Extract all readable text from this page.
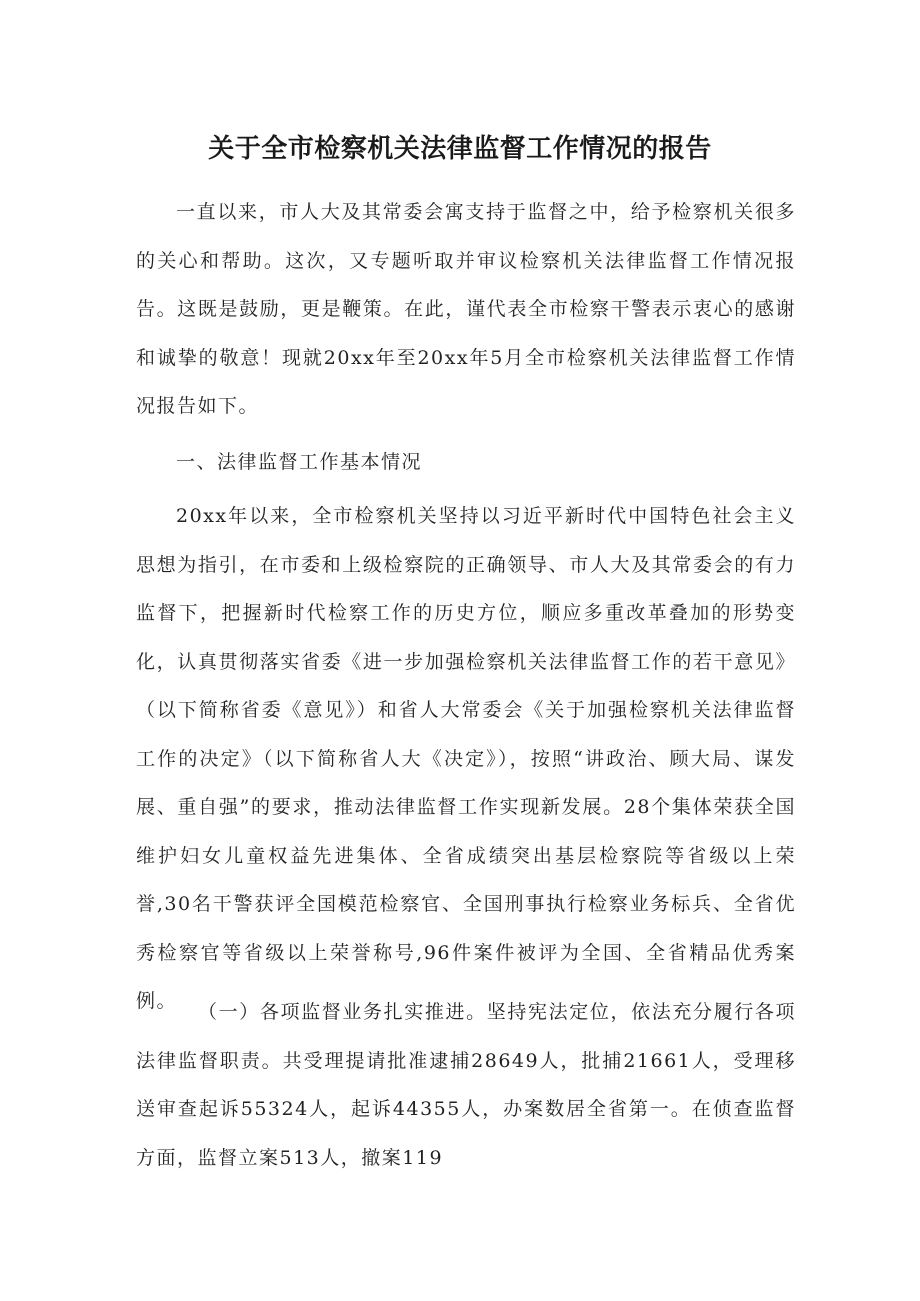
关于全市检察机关法律监督工作情况的报告

一直以来，市人大及其常委会寓支持于监督之中，给予检察机关很多的关心和帮助。这次，又专题听取并审议检察机关法律监督工作情况报告。这既是鼓励，更是鞭策。在此，谨代表全市检察干警表示衷心的感谢和诚挚的敬意！现就20xx年至20xx年5月全市检察机关法律监督工作情况报告如下。

一、法律监督工作基本情况

20xx年以来，全市检察机关坚持以习近平新时代中国特色社会主义思想为指引，在市委和上级检察院的正确领导、市人大及其常委会的有力监督下，把握新时代检察工作的历史方位，顺应多重改革叠加的形势变化，认真贯彻落实省委《进一步加强检察机关法律监督工作的若干意见》（以下简称省委《意见》）和省人大常委会《关于加强检察机关法律监督工作的决定》（以下简称省人大《决定》），按照“讲政治、顾大局、谋发展、重自强”的要求，推动法律监督工作实现新发展。28个集体荣获全国维护妇女儿童权益先进集体、全省成绩突出基层检察院等省级以上荣誉,30名干警获评全国模范检察官、全国刑事执行检察业务标兵、全省优秀检察官等省级以上荣誉称号,96件案件被评为全国、全省精品优秀案例。	（一）各项监督业务扎实推进。坚持宪法定位，依法充分履行各项法律监督职责。共受理提请批准逮捕28649人，批捕21661人，受理移送审查起诉55324人，起诉44355人，办案数居全省第一。在侦查监督方面，监督立案513人，撤案119
